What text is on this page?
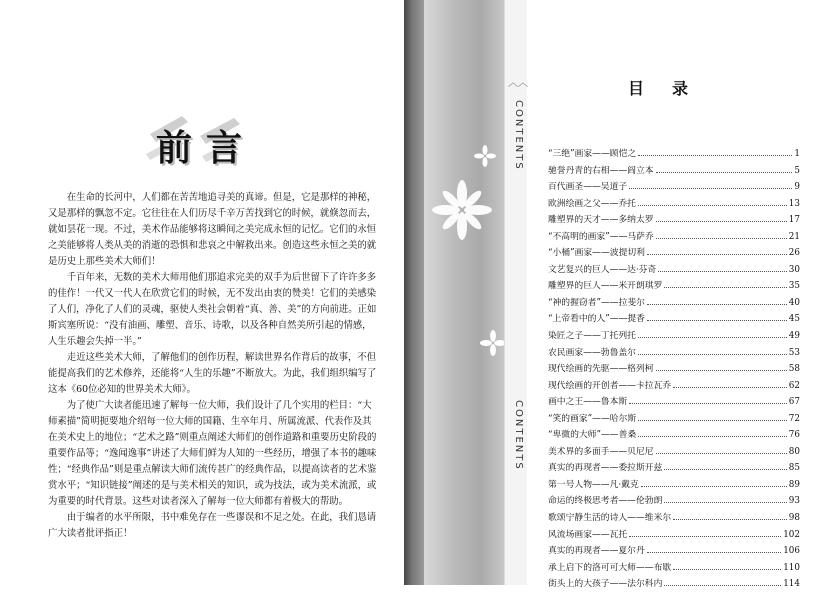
前 言

在生命的长河中，人们都在苦苦地追寻美的真谛。但是，它是那样的神秘，又是那样的飘忽不定。它往往在人们历尽千辛万苦找到它的时候，就倏忽而去，就如昙花一现。不过，美术作品能够将这瞬间之美完成永恒的记忆。它们的永恒之美能够将人类从美的消逝的恐惧和悲哀之中解救出来。创造这些永恒之美的就是历史上那些美术大师们！

千百年来，无数的美术大师用他们那追求完美的双手为后世留下了许许多多的佳作！一代又一代人在欣赏它们的时候，无不发出由衷的赞美！它们的美感染了人们，净化了人们的灵魂，驱使人类社会朝着“真、善、美”的方向前进。正如斯宾塞所说：“没有油画、雕塑、音乐、诗歌，以及各种自然美所引起的情感，人生乐趣会失掉一半。”

走近这些美术大师，了解他们的创作历程，解读世界名作背后的故事，不但能提高我们的艺术修养，还能将“人生的乐趣”不断放大。为此，我们组织编写了这本《60位必知的世界美术大师》。

为了使广大读者能迅速了解每一位大师，我们设计了几个实用的栏目：“大师素描”简明扼要地介绍每一位大师的国籍、生卒年月、所属流派、代表作及其在美术史上的地位；“艺术之路”则重点阐述大师们的创作道路和重要历史阶段的重要作品等；“逸闻逸事”讲述了大师们鲜为人知的一些经历，增强了本书的趣味性；“经典作品”则是重点解读大师们流传甚广的经典作品，以提高读者的艺术鉴赏水平；“知识链接”阐述的是与美术相关的知识，或为技法，或为美术流派，或为重要的时代背景。这些对读者深入了解每一位大师都有着极大的帮助。

由于编者的水平所限，书中难免存在一些谬误和不足之处。在此，我们恳请广大读者批评指正！

︿︿
CONTENTS
CONTENTS
目录
“三绝”画家——顾恺之	1
驰誉丹青的右相——阎立本	5
百代画圣——吴道子	9
欧洲绘画之父——乔托	13
雕塑界的天才——多纳太罗	17
“不高明的画家”——马萨乔	21
“小桶”画家——波提切利	26
文艺复兴的巨人——达·芬奇	30
雕塑界的巨人——米开朗琪罗	35
“神的握窃者”——拉斐尔	40
“上帝看中的人”——提香	45
染匠之子——丁托列托	49
农民画家——勃鲁盖尔	53
现代绘画的先驱——格列柯	58
现代绘画的开创者——卡拉瓦乔	62
画中之王——鲁本斯	67
“笑的画家”——哈尔斯	72
“卑微的大师”——普桑	76
美术界的多面手——贝尼尼	80
真实的再现者——委拉斯开兹	85
第一号人物——凡·戴克	89
命运的终极思考者——伦勃朗	93
歌颂宁静生活的诗人——维米尔	98
风流场画家——瓦托	102
真实的再现者——夏尔丹	106
承上启下的洛可可大师——布歇	110
街头上的大孩子——法尔科内	114
